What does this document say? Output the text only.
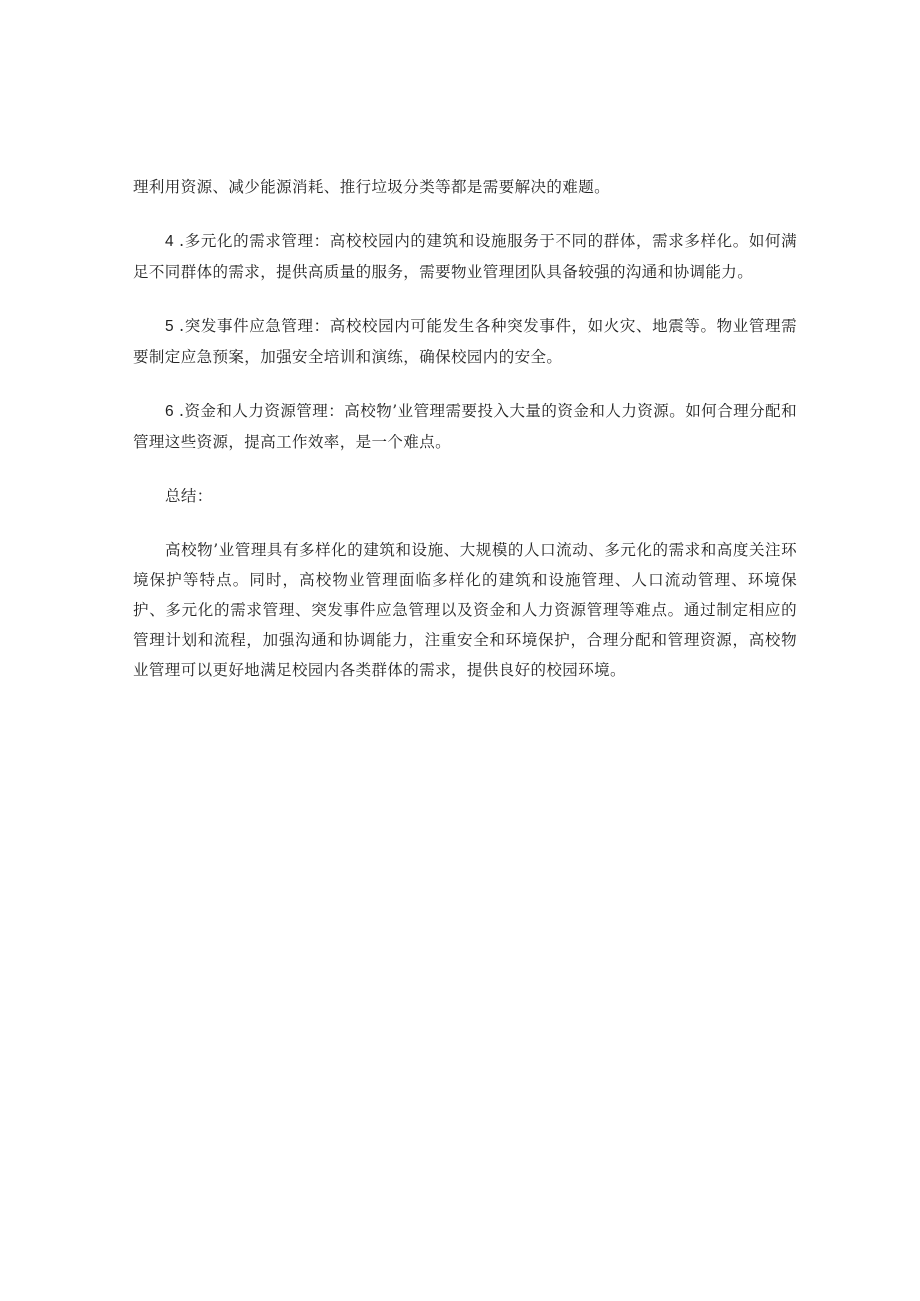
理利用资源、减少能源消耗、推行垃圾分类等都是需要解决的难题。

4 .多元化的需求管理：高校校园内的建筑和设施服务于不同的群体，需求多样化。如何满足不同群体的需求，提供高质量的服务，需要物业管理团队具备较强的沟通和协调能力。

5 .突发事件应急管理：高校校园内可能发生各种突发事件，如火灾、地震等。物业管理需要制定应急预案，加强安全培训和演练，确保校园内的安全。

6 .资金和人力资源管理：高校物’业管理需要投入大量的资金和人力资源。如何合理分配和管理这些资源，提高工作效率，是一个难点。

总结：

高校物’业管理具有多样化的建筑和设施、大规模的人口流动、多元化的需求和高度关注环境保护等特点。同时，高校物业管理面临多样化的建筑和设施管理、人口流动管理、环境保护、多元化的需求管理、突发事件应急管理以及资金和人力资源管理等难点。通过制定相应的管理计划和流程，加强沟通和协调能力，注重安全和环境保护，合理分配和管理资源，高校物业管理可以更好地满足校园内各类群体的需求，提供良好的校园环境。
